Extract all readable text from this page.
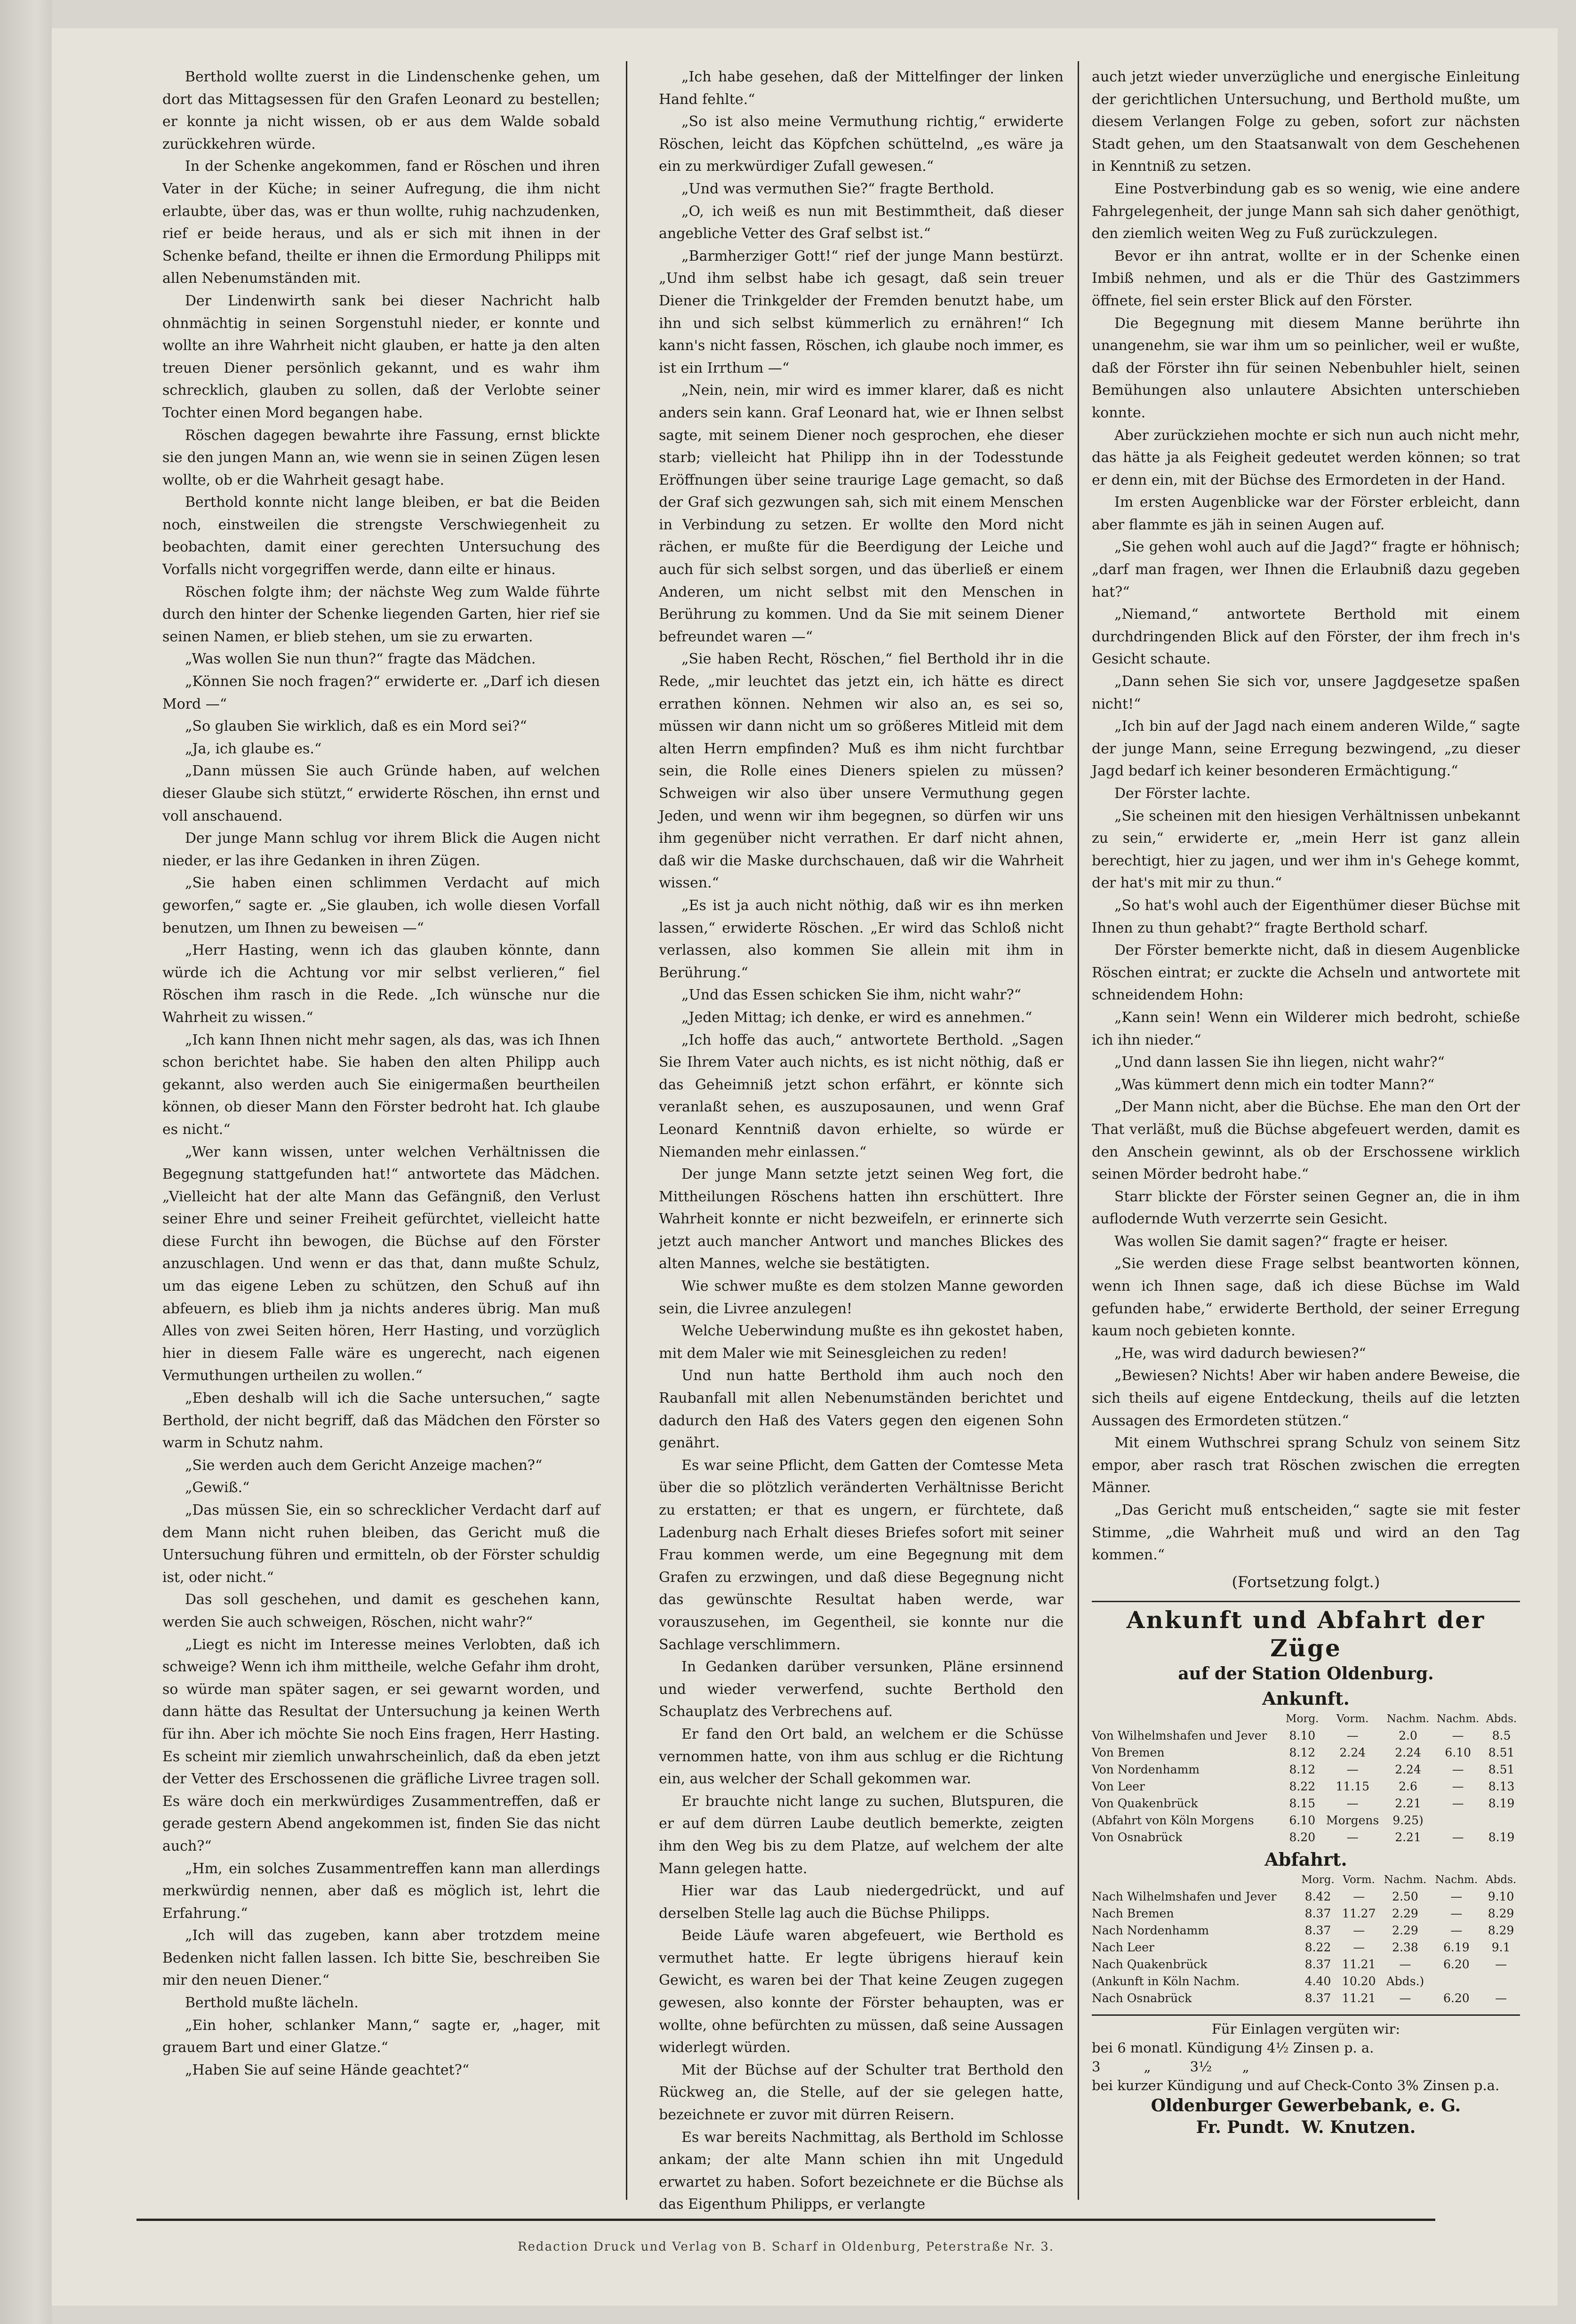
Berthold wollte zuerst in die Lindenschenke gehen, um dort das Mittagsessen für den Grafen Leonard zu bestellen; er konnte ja nicht wissen, ob er aus dem Walde sobald zurückkehren würde.

In der Schenke angekommen, fand er Röschen und ihren Vater in der Küche; in seiner Aufregung, die ihm nicht erlaubte, über das, was er thun wollte, ruhig nachzudenken, rief er beide heraus, und als er sich mit ihnen in der Schenke befand, theilte er ihnen die Ermordung Philipps mit allen Nebenumständen mit.

Der Lindenwirth sank bei dieser Nachricht halb ohnmächtig in seinen Sorgenstuhl nieder, er konnte und wollte an ihre Wahrheit nicht glauben, er hatte ja den alten treuen Diener persönlich gekannt, und es wahr ihm schrecklich, glauben zu sollen, daß der Verlobte seiner Tochter einen Mord begangen habe.

Röschen dagegen bewahrte ihre Fassung, ernst blickte sie den jungen Mann an, wie wenn sie in seinen Zügen lesen wollte, ob er die Wahrheit gesagt habe.

Berthold konnte nicht lange bleiben, er bat die Beiden noch, einstweilen die strengste Verschwiegenheit zu beobachten, damit einer gerechten Untersuchung des Vorfalls nicht vorgegriffen werde, dann eilte er hinaus.

Röschen folgte ihm; der nächste Weg zum Walde führte durch den hinter der Schenke liegenden Garten, hier rief sie seinen Namen, er blieb stehen, um sie zu erwarten.

„Was wollen Sie nun thun?“ fragte das Mädchen.

„Können Sie noch fragen?“ erwiderte er. „Darf ich diesen Mord —“

„So glauben Sie wirklich, daß es ein Mord sei?“

„Ja, ich glaube es.“

„Dann müssen Sie auch Gründe haben, auf welchen dieser Glaube sich stützt,“ erwiderte Röschen, ihn ernst und voll anschauend.

Der junge Mann schlug vor ihrem Blick die Augen nicht nieder, er las ihre Gedanken in ihren Zügen.

„Sie haben einen schlimmen Verdacht auf mich geworfen,“ sagte er. „Sie glauben, ich wolle diesen Vorfall benutzen, um Ihnen zu beweisen —“

„Herr Hasting, wenn ich das glauben könnte, dann würde ich die Achtung vor mir selbst verlieren,“ fiel Röschen ihm rasch in die Rede. „Ich wünsche nur die Wahrheit zu wissen.“

„Ich kann Ihnen nicht mehr sagen, als das, was ich Ihnen schon berichtet habe. Sie haben den alten Philipp auch gekannt, also werden auch Sie einigermaßen beurtheilen können, ob dieser Mann den Förster bedroht hat. Ich glaube es nicht.“

„Wer kann wissen, unter welchen Verhältnissen die Begegnung stattgefunden hat!“ antwortete das Mädchen. „Vielleicht hat der alte Mann das Gefängniß, den Verlust seiner Ehre und seiner Freiheit gefürchtet, vielleicht hatte diese Furcht ihn bewogen, die Büchse auf den Förster anzuschlagen. Und wenn er das that, dann mußte Schulz, um das eigene Leben zu schützen, den Schuß auf ihn abfeuern, es blieb ihm ja nichts anderes übrig. Man muß Alles von zwei Seiten hören, Herr Hasting, und vorzüglich hier in diesem Falle wäre es ungerecht, nach eigenen Vermuthungen urtheilen zu wollen.“

„Eben deshalb will ich die Sache untersuchen,“ sagte Berthold, der nicht begriff, daß das Mädchen den Förster so warm in Schutz nahm.

„Sie werden auch dem Gericht Anzeige machen?“

„Gewiß.“

„Das müssen Sie, ein so schrecklicher Verdacht darf auf dem Mann nicht ruhen bleiben, das Gericht muß die Untersuchung führen und ermitteln, ob der Förster schuldig ist, oder nicht.“

Das soll geschehen, und damit es geschehen kann, werden Sie auch schweigen, Röschen, nicht wahr?“

„Liegt es nicht im Interesse meines Verlobten, daß ich schweige? Wenn ich ihm mittheile, welche Gefahr ihm droht, so würde man später sagen, er sei gewarnt worden, und dann hätte das Resultat der Untersuchung ja keinen Werth für ihn. Aber ich möchte Sie noch Eins fragen, Herr Hasting. Es scheint mir ziemlich unwahrscheinlich, daß da eben jetzt der Vetter des Erschossenen die gräfliche Livree tragen soll. Es wäre doch ein merkwürdiges Zusammentreffen, daß er gerade gestern Abend angekommen ist, finden Sie das nicht auch?“

„Hm, ein solches Zusammentreffen kann man allerdings merkwürdig nennen, aber daß es möglich ist, lehrt die Erfahrung.“

„Ich will das zugeben, kann aber trotzdem meine Bedenken nicht fallen lassen. Ich bitte Sie, beschreiben Sie mir den neuen Diener.“

Berthold mußte lächeln.

„Ein hoher, schlanker Mann,“ sagte er, „hager, mit grauem Bart und einer Glatze.“

„Haben Sie auf seine Hände geachtet?“

„Ich habe gesehen, daß der Mittelfinger der linken Hand fehlte.“

„So ist also meine Vermuthung richtig,“ erwiderte Röschen, leicht das Köpfchen schüttelnd, „es wäre ja ein zu merkwürdiger Zufall gewesen.“

„Und was vermuthen Sie?“ fragte Berthold.

„O, ich weiß es nun mit Bestimmtheit, daß dieser angebliche Vetter des Graf selbst ist.“

„Barmherziger Gott!“ rief der junge Mann bestürzt. „Und ihm selbst habe ich gesagt, daß sein treuer Diener die Trinkgelder der Fremden benutzt habe, um ihn und sich selbst kümmerlich zu ernähren!“ Ich kann's nicht fassen, Röschen, ich glaube noch immer, es ist ein Irrthum —“

„Nein, nein, mir wird es immer klarer, daß es nicht anders sein kann. Graf Leonard hat, wie er Ihnen selbst sagte, mit seinem Diener noch gesprochen, ehe dieser starb; vielleicht hat Philipp ihn in der Todesstunde Eröffnungen über seine traurige Lage gemacht, so daß der Graf sich gezwungen sah, sich mit einem Menschen in Verbindung zu setzen. Er wollte den Mord nicht rächen, er mußte für die Beerdigung der Leiche und auch für sich selbst sorgen, und das überließ er einem Anderen, um nicht selbst mit den Menschen in Berührung zu kommen. Und da Sie mit seinem Diener befreundet waren —“

„Sie haben Recht, Röschen,“ fiel Berthold ihr in die Rede, „mir leuchtet das jetzt ein, ich hätte es direct errathen können. Nehmen wir also an, es sei so, müssen wir dann nicht um so größeres Mitleid mit dem alten Herrn empfinden? Muß es ihm nicht furchtbar sein, die Rolle eines Dieners spielen zu müssen? Schweigen wir also über unsere Vermuthung gegen Jeden, und wenn wir ihm begegnen, so dürfen wir uns ihm gegenüber nicht verrathen. Er darf nicht ahnen, daß wir die Maske durchschauen, daß wir die Wahrheit wissen.“

„Es ist ja auch nicht nöthig, daß wir es ihn merken lassen,“ erwiderte Röschen. „Er wird das Schloß nicht verlassen, also kommen Sie allein mit ihm in Berührung.“

„Und das Essen schicken Sie ihm, nicht wahr?“

„Jeden Mittag; ich denke, er wird es annehmen.“

„Ich hoffe das auch,“ antwortete Berthold. „Sagen Sie Ihrem Vater auch nichts, es ist nicht nöthig, daß er das Geheimniß jetzt schon erfährt, er könnte sich veranlaßt sehen, es auszuposaunen, und wenn Graf Leonard Kenntniß davon erhielte, so würde er Niemanden mehr einlassen.“

Der junge Mann setzte jetzt seinen Weg fort, die Mittheilungen Röschens hatten ihn erschüttert. Ihre Wahrheit konnte er nicht bezweifeln, er erinnerte sich jetzt auch mancher Antwort und manches Blickes des alten Mannes, welche sie bestätigten.

Wie schwer mußte es dem stolzen Manne geworden sein, die Livree anzulegen!

Welche Ueberwindung mußte es ihn gekostet haben, mit dem Maler wie mit Seinesgleichen zu reden!

Und nun hatte Berthold ihm auch noch den Raubanfall mit allen Nebenumständen berichtet und dadurch den Haß des Vaters gegen den eigenen Sohn genährt.

Es war seine Pflicht, dem Gatten der Comtesse Meta über die so plötzlich veränderten Verhältnisse Bericht zu erstatten; er that es ungern, er fürchtete, daß Ladenburg nach Erhalt dieses Briefes sofort mit seiner Frau kommen werde, um eine Begegnung mit dem Grafen zu erzwingen, und daß diese Begegnung nicht das gewünschte Resultat haben werde, war vorauszusehen, im Gegentheil, sie konnte nur die Sachlage verschlimmern.

In Gedanken darüber versunken, Pläne ersinnend und wieder verwerfend, suchte Berthold den Schauplatz des Verbrechens auf.

Er fand den Ort bald, an welchem er die Schüsse vernommen hatte, von ihm aus schlug er die Richtung ein, aus welcher der Schall gekommen war.

Er brauchte nicht lange zu suchen, Blutspuren, die er auf dem dürren Laube deutlich bemerkte, zeigten ihm den Weg bis zu dem Platze, auf welchem der alte Mann gelegen hatte.

Hier war das Laub niedergedrückt, und auf derselben Stelle lag auch die Büchse Philipps.

Beide Läufe waren abgefeuert, wie Berthold es vermuthet hatte. Er legte übrigens hierauf kein Gewicht, es waren bei der That keine Zeugen zugegen gewesen, also konnte der Förster behaupten, was er wollte, ohne befürchten zu müssen, daß seine Aussagen widerlegt würden.

Mit der Büchse auf der Schulter trat Berthold den Rückweg an, die Stelle, auf der sie gelegen hatte, bezeichnete er zuvor mit dürren Reisern.

Es war bereits Nachmittag, als Berthold im Schlosse ankam; der alte Mann schien ihn mit Ungeduld erwartet zu haben. Sofort bezeichnete er die Büchse als das Eigenthum Philipps, er verlangte

auch jetzt wieder unverzügliche und energische Einleitung der gerichtlichen Untersuchung, und Berthold mußte, um diesem Verlangen Folge zu geben, sofort zur nächsten Stadt gehen, um den Staatsanwalt von dem Geschehenen in Kenntniß zu setzen.

Eine Postverbindung gab es so wenig, wie eine andere Fahrgelegenheit, der junge Mann sah sich daher genöthigt, den ziemlich weiten Weg zu Fuß zurückzulegen.

Bevor er ihn antrat, wollte er in der Schenke einen Imbiß nehmen, und als er die Thür des Gastzimmers öffnete, fiel sein erster Blick auf den Förster.

Die Begegnung mit diesem Manne berührte ihn unangenehm, sie war ihm um so peinlicher, weil er wußte, daß der Förster ihn für seinen Nebenbuhler hielt, seinen Bemühungen also unlautere Absichten unterschieben konnte.

Aber zurückziehen mochte er sich nun auch nicht mehr, das hätte ja als Feigheit gedeutet werden können; so trat er denn ein, mit der Büchse des Ermordeten in der Hand.

Im ersten Augenblicke war der Förster erbleicht, dann aber flammte es jäh in seinen Augen auf.

„Sie gehen wohl auch auf die Jagd?“ fragte er höhnisch; „darf man fragen, wer Ihnen die Erlaubniß dazu gegeben hat?“

„Niemand,“ antwortete Berthold mit einem durchdringenden Blick auf den Förster, der ihm frech in's Gesicht schaute.

„Dann sehen Sie sich vor, unsere Jagdgesetze spaßen nicht!“

„Ich bin auf der Jagd nach einem anderen Wilde,“ sagte der junge Mann, seine Erregung bezwingend, „zu dieser Jagd bedarf ich keiner besonderen Ermächtigung.“

Der Förster lachte.

„Sie scheinen mit den hiesigen Verhältnissen unbekannt zu sein,“ erwiderte er, „mein Herr ist ganz allein berechtigt, hier zu jagen, und wer ihm in's Gehege kommt, der hat's mit mir zu thun.“

„So hat's wohl auch der Eigenthümer dieser Büchse mit Ihnen zu thun gehabt?“ fragte Berthold scharf.

Der Förster bemerkte nicht, daß in diesem Augenblicke Röschen eintrat; er zuckte die Achseln und antwortete mit schneidendem Hohn:

„Kann sein! Wenn ein Wilderer mich bedroht, schieße ich ihn nieder.“

„Und dann lassen Sie ihn liegen, nicht wahr?“

„Was kümmert denn mich ein todter Mann?“

„Der Mann nicht, aber die Büchse. Ehe man den Ort der That verläßt, muß die Büchse abgefeuert werden, damit es den Anschein gewinnt, als ob der Erschossene wirklich seinen Mörder bedroht habe.“

Starr blickte der Förster seinen Gegner an, die in ihm auflodernde Wuth verzerrte sein Gesicht.

Was wollen Sie damit sagen?“ fragte er heiser.

„Sie werden diese Frage selbst beantworten können, wenn ich Ihnen sage, daß ich diese Büchse im Wald gefunden habe,“ erwiderte Berthold, der seiner Erregung kaum noch gebieten konnte.

„He, was wird dadurch bewiesen?“

„Bewiesen? Nichts! Aber wir haben andere Beweise, die sich theils auf eigene Entdeckung, theils auf die letzten Aussagen des Ermordeten stützen.“

Mit einem Wuthschrei sprang Schulz von seinem Sitz empor, aber rasch trat Röschen zwischen die erregten Männer.

„Das Gericht muß entscheiden,“ sagte sie mit fester Stimme, „die Wahrheit muß und wird an den Tag kommen.“

(Fortsetzung folgt.)
Ankunft und Abfahrt der Züge
auf der Station Oldenburg.
Ankunft.
	Morg.	Vorm.	Nachm.	Nachm.	Abds.
Von Wilhelmshafen und Jever	8.10	—	2.0	—	8.5
Von Bremen	8.12	2.24	2.24	6.10	8.51
Von Nordenhamm	8.12	—	2.24	—	8.51
Von Leer	8.22	11.15	2.6	—	8.13
Von Quakenbrück	8.15	—	2.21	—	8.19
(Abfahrt von Köln Morgens	6.10	Morgens	9.25)		
Von Osnabrück	8.20	—	2.21	—	8.19
Abfahrt.
	Morg.	Vorm.	Nachm.	Nachm.	Abds.
Nach Wilhelmshafen und Jever	8.42	—	2.50	—	9.10
Nach Bremen	8.37	11.27	2.29	—	8.29
Nach Nordenhamm	8.37	—	2.29	—	8.29
Nach Leer	8.22	—	2.38	6.19	9.1
Nach Quakenbrück	8.37	11.21	—	6.20	—
(Ankunft in Köln Nachm.	4.40	10.20	Abds.)		
Nach Osnabrück	8.37	11.21	—	6.20	—
Für Einlagen vergüten wir:
bei 6 monatl. Kündigung 4½ Zinsen p. a.
3          „         3½       „
bei kurzer Kündigung und auf Check-Conto 3% Zinsen p.a.
Oldenburger Gewerbebank, e. G.
Fr. Pundt.  W. Knutzen.
Redaction Druck und Verlag von B. Scharf in Oldenburg, Peterstraße Nr. 3.
